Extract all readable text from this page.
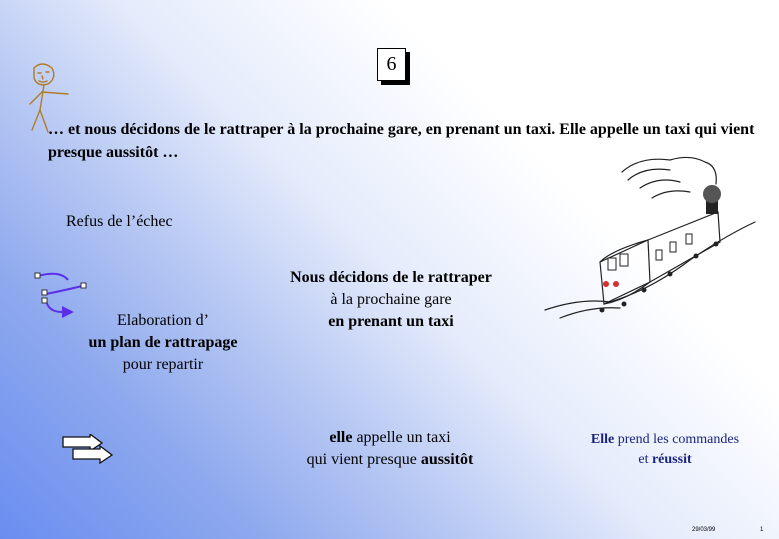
6
… et nous décidons de le rattraper à la prochaine gare, en prenant un taxi. Elle appelle un taxi qui vient presque aussitôt …
Refus de l’échec
Elaboration d’
un plan de rattrapage
pour repartir
Nous décidons de le rattraper
à la prochaine gare
en prenant un taxi
elle appelle un taxi
qui vient presque aussitôt
Elle prend les commandes
et réussit
29/03/99	1
